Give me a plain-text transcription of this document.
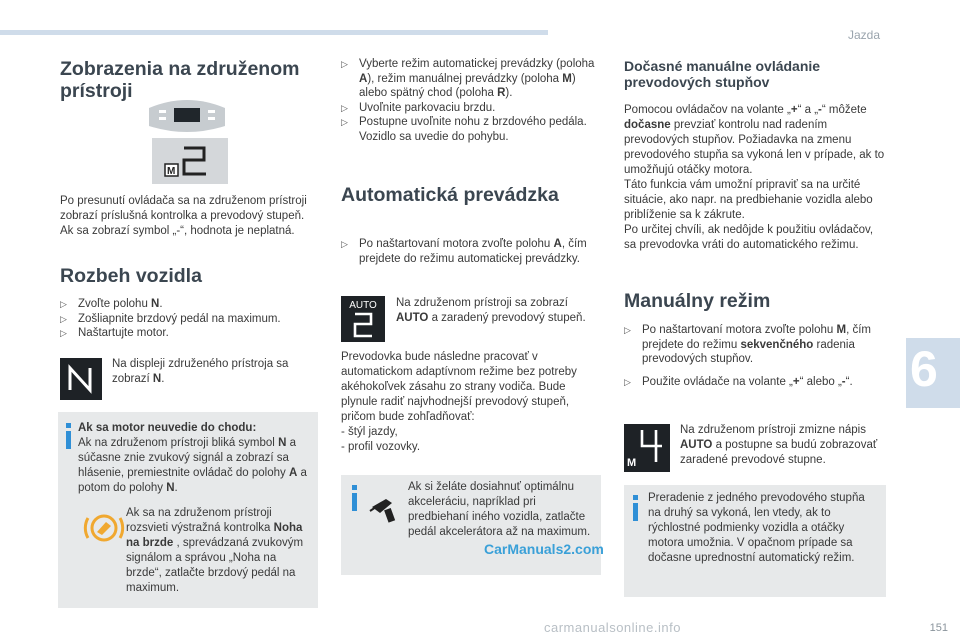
Jazda
Zobrazenia na združenom prístroji
M

Po presunutí ovládača sa na združenom prístroji zobrazí príslušná kontrolka a prevodový stupeň.

Ak sa zobrazí symbol „-“, hodnota je neplatná.

Rozbeh vozidla
▷ Zvoľte polohu N.
▷ Zošliapnite brzdový pedál na maximum.
▷ Naštartujte motor.

Na displeji združeného prístroja sa zobrazí N.

Ak sa motor neuvedie do chodu:

Ak na združenom prístroji bliká symbol N a súčasne znie zvukový signál a zobrazí sa hlásenie, premiestnite ovládač do polohy A a potom do polohy N.

Ak sa na združenom prístroji rozsvieti výstražná kontrolka Noha na brzde , sprevádzaná zvukovým signálom a správou „Noha na brzde“, zatlačte brzdový pedál na maximum.

▷ Vyberte režim automatickej prevádzky (poloha A), režim manuálnej prevádzky (poloha M) alebo spätný chod (poloha R).
▷ Uvoľnite parkovaciu brzdu.
▷ Postupne uvoľnite nohu z brzdového pedála. Vozidlo sa uvedie do pohybu.
Automatická prevádzka
▷ Po naštartovaní motora zvoľte polohu A, čím prejdete do režimu automatickej prevádzky.
AUTO Na združenom prístroji sa zobrazí AUTO a zaradený prevodový stupeň.

Prevodovka bude následne pracovať v automatickom adaptívnom režime bez potreby akéhokoľvek zásahu zo strany vodiča. Bude plynule radiť najvhodnejší prevodový stupeň, pričom bude zohľadňovať:

- štýl jazdy,

- profil vozovky.

Ak si želáte dosiahnuť optimálnu akceleráciu, napríklad pri predbiehaní iného vozidla, zatlačte pedál akcelerátora až na maximum.

Dočasné manuálne ovládanie prevodových stupňov

Pomocou ovládačov na volante „+“ a „-“ môžete dočasne prevziať kontrolu nad radením prevodových stupňov. Požiadavka na zmenu prevodového stupňa sa vykoná len v prípade, ak to umožňujú otáčky motora.

Táto funkcia vám umožní pripraviť sa na určité situácie, ako napr. na predbiehanie vozidla alebo priblíženie sa k zákrute.

Po určitej chvíli, ak nedôjde k použitiu ovládačov, sa prevodovka vráti do automatického režimu.

Manuálny režim
▷ Po naštartovaní motora zvoľte polohu M, čím prejdete do režimu sekvenčného radenia prevodových stupňov.
▷ Použite ovládače na volante „+“ alebo „-“.
M

Na združenom prístroji zmizne nápis AUTO a postupne sa budú zobrazovať zaradené prevodové stupne.

Preradenie z jedného prevodového stupňa na druhý sa vykoná, len vtedy, ak to rýchlostné podmienky vozidla a otáčky motora umožnia. V opačnom prípade sa dočasne uprednostní automatický režim.

6
151
CarManuals2.com
carmanualsonline.info
